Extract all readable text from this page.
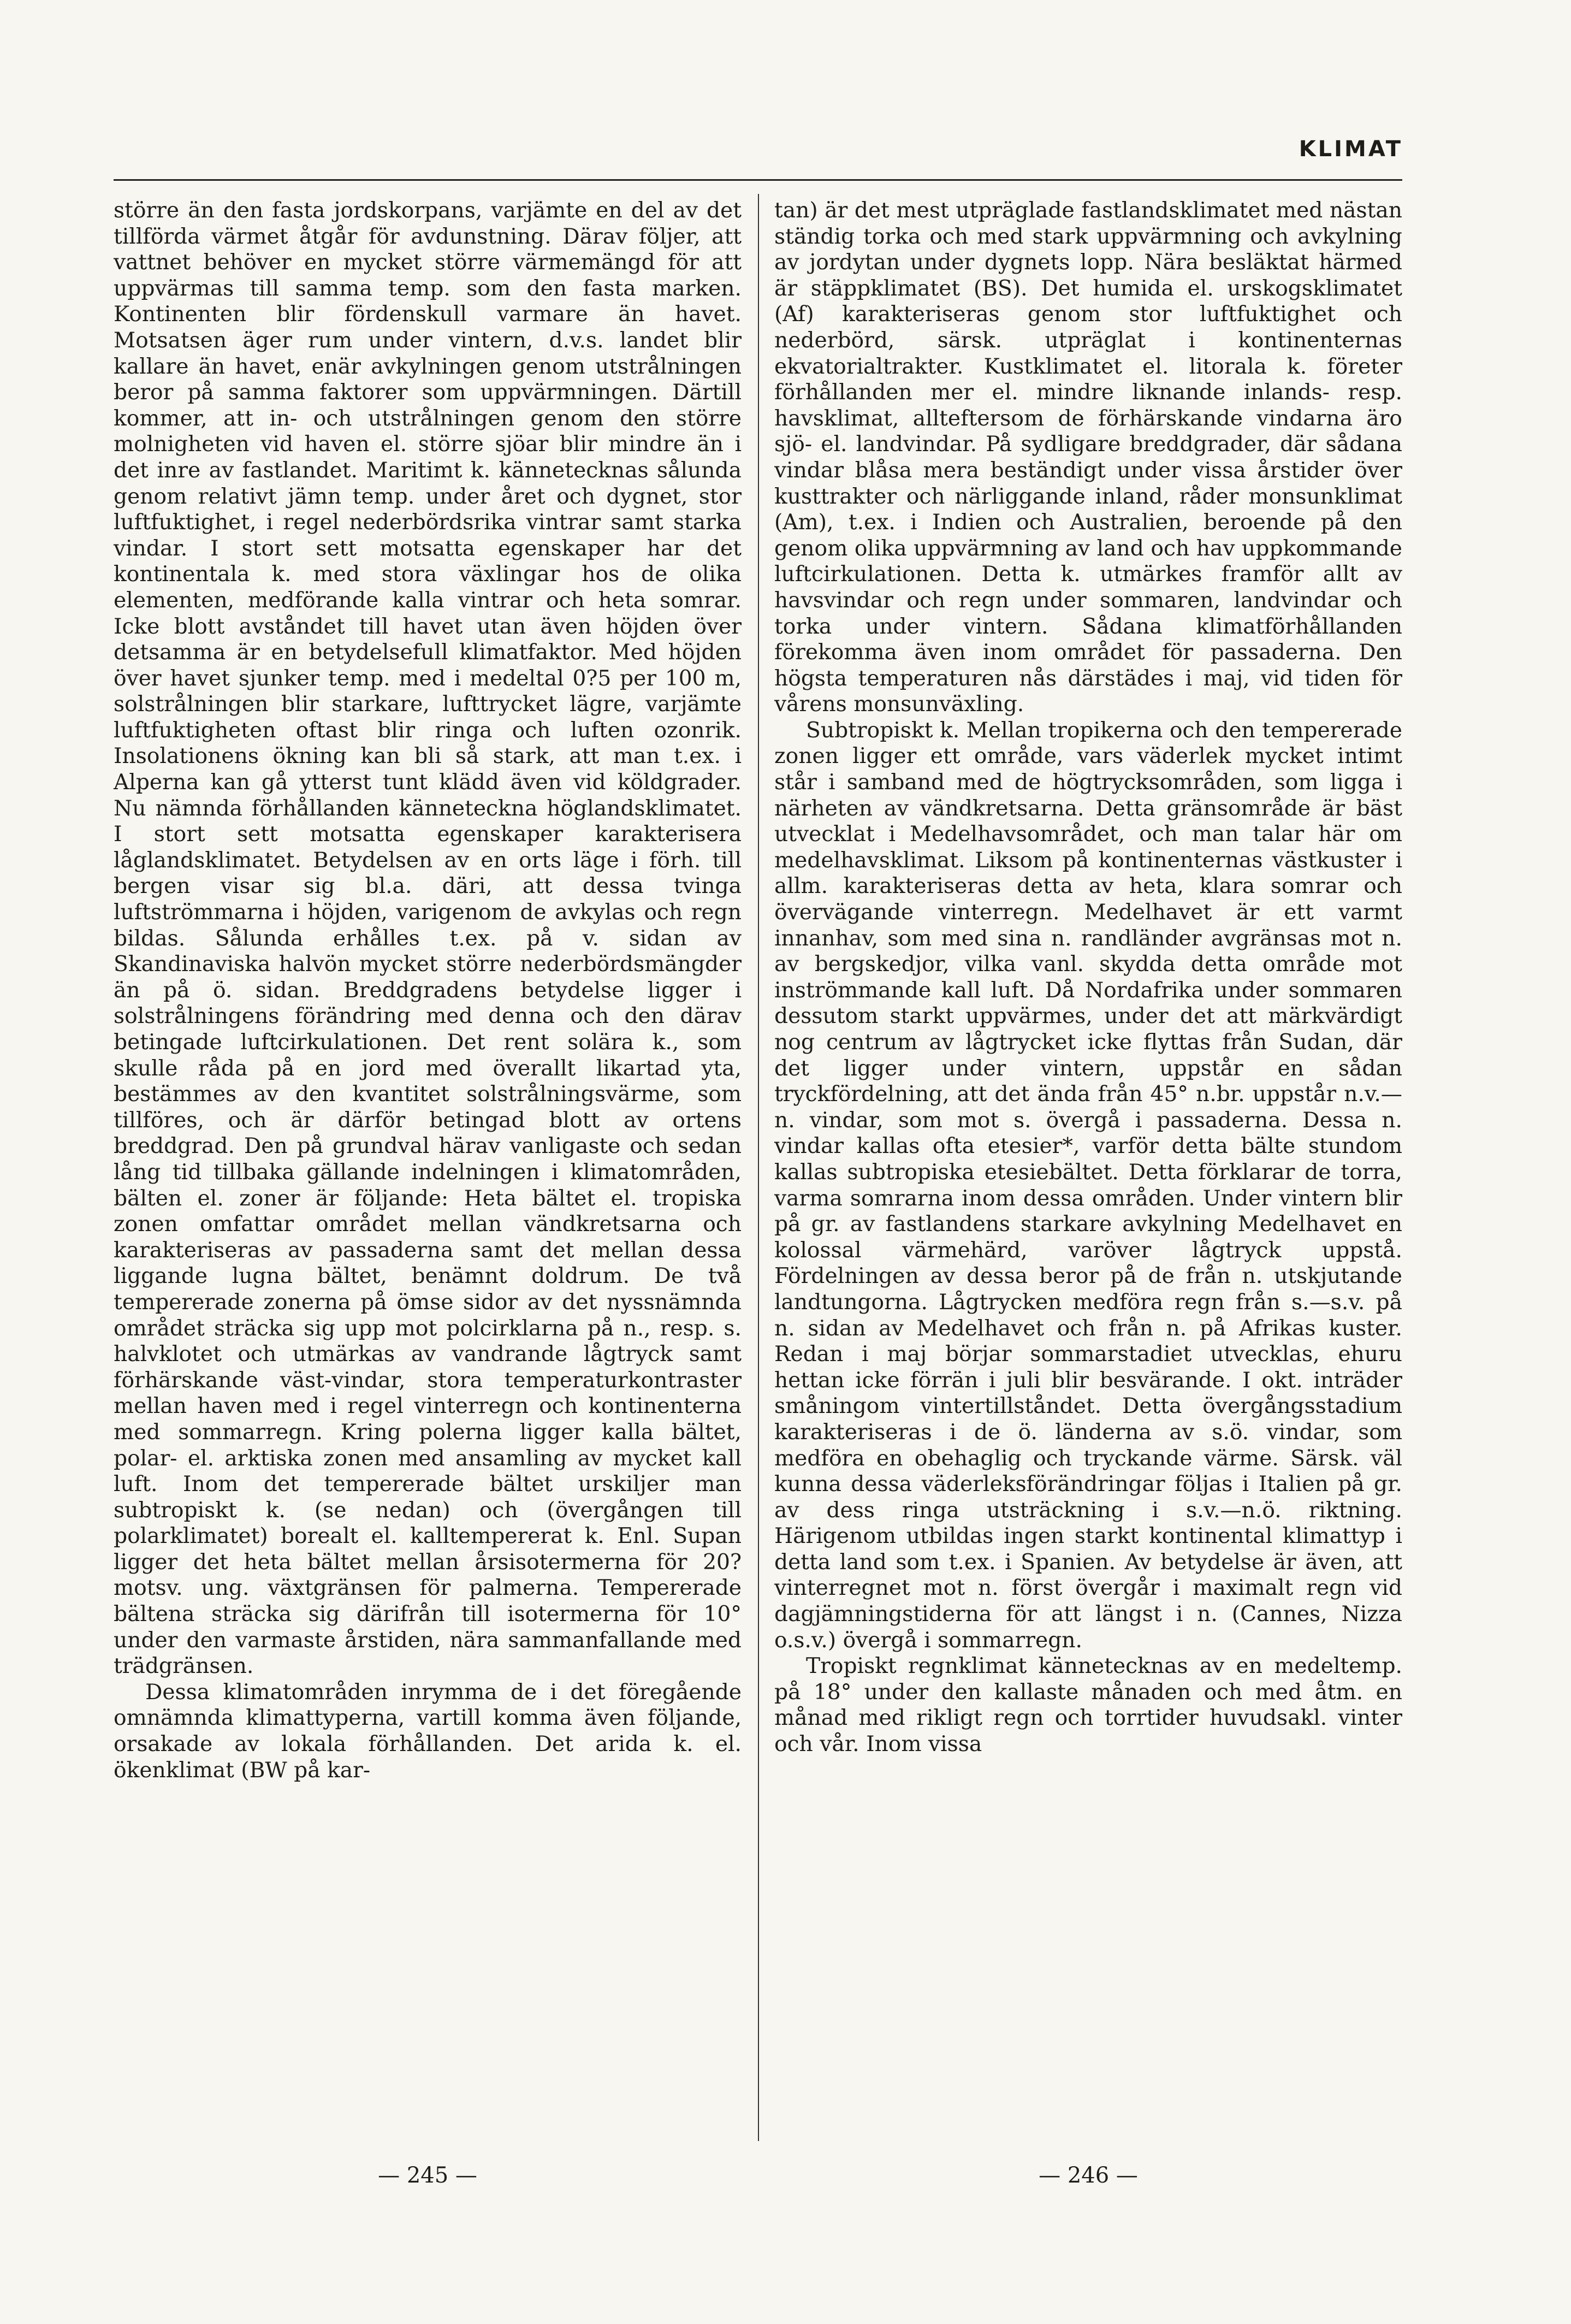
KLIMAT

större än den fasta jordskorpans, varjämte en del av det tillförda värmet åtgår för avdunstning. Därav följer, att vattnet behöver en mycket större värmemängd för att uppvärmas till samma temp. som den fasta marken. Kontinenten blir fördenskull varmare än havet. Motsatsen äger rum under vintern, d.v.s. landet blir kallare än havet, enär avkylningen genom utstrålningen beror på samma faktorer som uppvärmningen. Därtill kommer, att in- och utstrålningen genom den större molnigheten vid haven el. större sjöar blir mindre än i det inre av fastlandet. Maritimt k. kännetecknas sålunda genom relativt jämn temp. under året och dygnet, stor luftfuktighet, i regel nederbördsrika vintrar samt starka vindar. I stort sett motsatta egenskaper har det kontinentala k. med stora växlingar hos de olika elementen, medförande kalla vintrar och heta somrar. Icke blott avståndet till havet utan även höjden över detsamma är en betydelsefull klimatfaktor. Med höjden över havet sjunker temp. med i medeltal 0?5 per 100 m, solstrålningen blir starkare, lufttrycket lägre, varjämte luftfuktigheten oftast blir ringa och luften ozonrik. Insolationens ökning kan bli så stark, att man t.ex. i Alperna kan gå ytterst tunt klädd även vid köldgrader. Nu nämnda förhållanden känneteckna höglandsklimatet. I stort sett motsatta egenskaper karakterisera låglandsklimatet. Betydelsen av en orts läge i förh. till bergen visar sig bl.a. däri, att dessa tvinga luftströmmarna i höjden, varigenom de avkylas och regn bildas. Sålunda erhålles t.ex. på v. sidan av Skandinaviska halvön mycket större nederbördsmängder än på ö. sidan. Breddgradens betydelse ligger i solstrålningens förändring med denna och den därav betingade luftcirkulationen. Det rent solära k., som skulle råda på en jord med överallt likartad yta, bestämmes av den kvantitet solstrålningsvärme, som tillföres, och är därför betingad blott av ortens breddgrad. Den på grundval härav vanligaste och sedan lång tid tillbaka gällande indelningen i klimatområden, bälten el. zoner är följande: Heta bältet el. tropiska zonen omfattar området mellan vändkretsarna och karakteriseras av passaderna samt det mellan dessa liggande lugna bältet, benämnt doldrum. De två tempererade zonerna på ömse sidor av det nyssnämnda området sträcka sig upp mot polcirklarna på n., resp. s. halvklotet och utmärkas av vandrande lågtryck samt förhärskande väst-vindar, stora temperaturkontraster mellan haven med i regel vinterregn och kontinenterna med sommarregn. Kring polerna ligger kalla bältet, polar- el. arktiska zonen med ansamling av mycket kall luft. Inom det tempererade bältet urskiljer man subtropiskt k. (se nedan) och (övergången till polarklimatet) borealt el. kalltempererat k. Enl. Supan ligger det heta bältet mellan årsisotermerna för 20? motsv. ung. växtgränsen för palmerna. Tempererade bältena sträcka sig därifrån till isotermerna för 10° under den varmaste årstiden, nära sammanfallande med trädgränsen.

Dessa klimatområden inrymma de i det föregående omnämnda klimattyperna, vartill komma även följande, orsakade av lokala förhållanden. Det arida k. el. ökenklimat (BW på kar-

tan) är det mest utpräglade fastlandsklimatet med nästan ständig torka och med stark uppvärmning och avkylning av jordytan under dygnets lopp. Nära besläktat härmed är stäppklimatet (BS). Det humida el. urskogsklimatet (Af) karakteriseras genom stor luftfuktighet och nederbörd, särsk. utpräglat i kontinenternas ekvatorialtrakter. Kustklimatet el. litorala k. företer förhållanden mer el. mindre liknande inlands- resp. havsklimat, allteftersom de förhärskande vindarna äro sjö- el. landvindar. På sydligare breddgrader, där sådana vindar blåsa mera beständigt under vissa årstider över kusttrakter och närliggande inland, råder monsunklimat (Am), t.ex. i Indien och Australien, beroende på den genom olika uppvärmning av land och hav uppkommande luftcirkulationen. Detta k. utmärkes framför allt av havsvindar och regn under sommaren, landvindar och torka under vintern. Sådana klimatförhållanden förekomma även inom området för passaderna. Den högsta temperaturen nås därstädes i maj, vid tiden för vårens monsunväxling.

Subtropiskt k. Mellan tropikerna och den tempererade zonen ligger ett område, vars väderlek mycket intimt står i samband med de högtrycksområden, som ligga i närheten av vändkretsarna. Detta gränsområde är bäst utvecklat i Medelhavsområdet, och man talar här om medelhavsklimat. Liksom på kontinenternas västkuster i allm. karakteriseras detta av heta, klara somrar och övervägande vinterregn. Medelhavet är ett varmt innanhav, som med sina n. randländer avgränsas mot n. av bergskedjor, vilka vanl. skydda detta område mot inströmmande kall luft. Då Nordafrika under sommaren dessutom starkt uppvärmes, under det att märkvärdigt nog centrum av lågtrycket icke flyttas från Sudan, där det ligger under vintern, uppstår en sådan tryckfördelning, att det ända från 45° n.br. uppstår n.v.—n. vindar, som mot s. övergå i passaderna. Dessa n. vindar kallas ofta etesier*, varför detta bälte stundom kallas subtropiska etesiebältet. Detta förklarar de torra, varma somrarna inom dessa områden. Under vintern blir på gr. av fastlandens starkare avkylning Medelhavet en kolossal värmehärd, varöver lågtryck uppstå. Fördelningen av dessa beror på de från n. utskjutande landtungorna. Lågtrycken medföra regn från s.—s.v. på n. sidan av Medelhavet och från n. på Afrikas kuster. Redan i maj börjar sommarstadiet utvecklas, ehuru hettan icke förrän i juli blir besvärande. I okt. inträder småningom vintertillståndet. Detta övergångsstadium karakteriseras i de ö. länderna av s.ö. vindar, som medföra en obehaglig och tryckande värme. Särsk. väl kunna dessa väderleksförändringar följas i Italien på gr. av dess ringa utsträckning i s.v.—n.ö. riktning. Härigenom utbildas ingen starkt kontinental klimattyp i detta land som t.ex. i Spanien. Av betydelse är även, att vinterregnet mot n. först övergår i maximalt regn vid dagjämningstiderna för att längst i n. (Cannes, Nizza o.s.v.) övergå i sommarregn.

Tropiskt regnklimat kännetecknas av en medeltemp. på 18° under den kallaste månaden och med åtm. en månad med rikligt regn och torrtider huvudsakl. vinter och vår. Inom vissa

— 245 —	— 246 —
